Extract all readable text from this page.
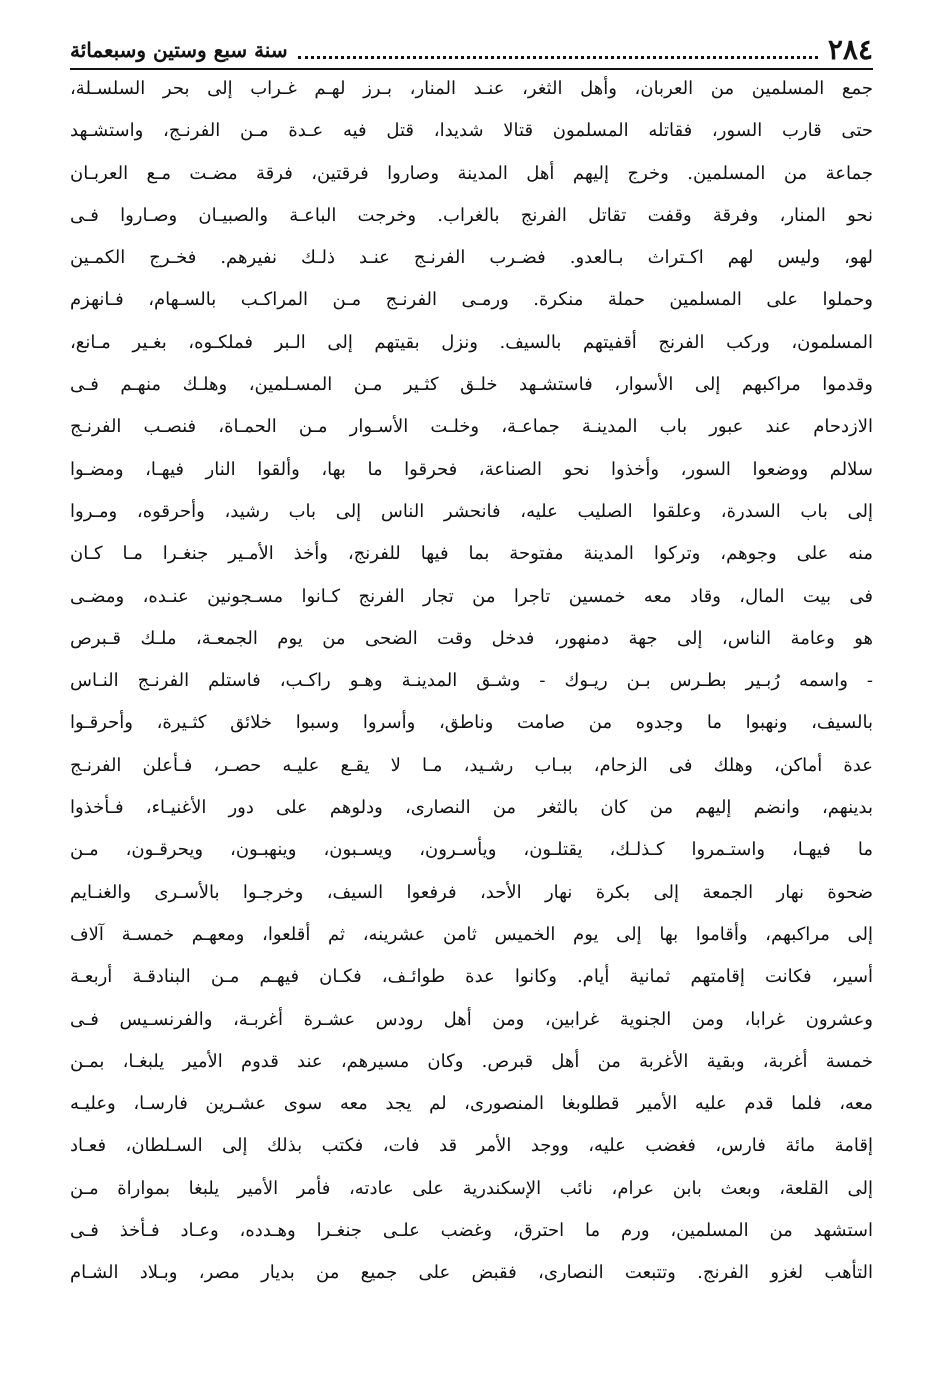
٢٨٤
سنة سبع وستين وسبعمائة
جمع المسلمين من العربان، وأهل الثغر، عنـد المنار، بـرز لهـم غـراب إلى بحر السلسـلة،
حتى قارب السور، فقاتله المسلمون قتالا شديدا، قتل فيه عـدة مـن الفرنـج، واستشـهد
جماعة من المسلمين. وخرج إليهم أهل المدينة وصاروا فرقتين، فرقة مضـت مـع العربـان
نحو المنار، وفرقة وقفت تقاتل الفرنج بالغراب. وخرجت الباعـة والصبيـان وصـاروا فـى
لهو، وليس لهم اكـتراث بـالعدو. فضـرب الفرنـج عنـد ذلـك نفيرهم. فخـرج الكمـين
وحملوا على المسلمين حملة منكرة. ورمـى الفرنـج مـن المراكـب بالسـهام، فـانهزم
المسلمون، وركب الفرنج أقفيتهم بالسيف. ونزل بقيتهم إلى الـبر فملكـوه، بغـير مـانع،
وقدموا مراكبهم إلى الأسوار، فاستشـهد خلـق كثـير مـن المسـلمين، وهلـك منهـم فـى
الازدحام عند عبور باب المدينـة جماعـة، وخلـت الأسـوار مـن الحمـاة، فنصـب الفرنـج
سلالم ووضعوا السور، وأخذوا نحو الصناعة، فحرقوا ما بها، وألقوا النار فيهـا، ومضـوا
إلى باب السدرة، وعلقوا الصليب عليه، فانحشر الناس إلى باب رشيد، وأحرقوه، ومـروا
منه على وجوهم، وتركوا المدينة مفتوحة بما فيها للفرنج، وأخذ الأمـير جنغـرا مـا كـان
فى بيت المال، وقاد معه خمسين تاجرا من تجار الفرنج كـانوا مسـجونين عنـده، ومضـى
هو وعامة الناس، إلى جهة دمنهور، فدخل وقت الضحى من يوم الجمعـة، ملـك قـبرص
- واسمه رُبـير بطـرس بـن ريـوك - وشـق المدينـة وهـو راكـب، فاستلم الفرنـج النـاس
بالسيف، ونهبوا ما وجدوه من صامت وناطق، وأسروا وسبوا خلائق كثـيرة، وأحرقـوا
عدة أماكن، وهلك فى الزحام، ببـاب رشـيد، مـا لا يقـع عليـه حصـر، فـأعلن الفرنـج
بدينهم، وانضم إليهم من كان بالثغر من النصارى، ودلوهم على دور الأغنيـاء، فـأخذوا
ما فيهـا، واستـمروا كـذلـك، يقتلـون، ويأسـرون، ويسـبون، وينهبـون، ويحرقـون، مـن
ضحوة نهار الجمعة إلى بكرة نهار الأحد، فرفعوا السيف، وخرجـوا بالأسـرى والغنـايم
إلى مراكبهم، وأقاموا بها إلى يوم الخميس ثامن عشرينه، ثم أقلعوا، ومعهـم خمسـة آلاف
أسير، فكانت إقامتهم ثمانية أيام. وكانوا عدة طوائـف، فكـان فيهـم مـن البنادقـة أربعـة
وعشرون غرابا، ومن الجنوية غرابين، ومن أهل رودس عشـرة أغربـة، والفرنسـيس فـى
خمسة أغربة، وبقية الأغربة من أهل قبرص. وكان مسيرهم، عند قدوم الأمير يلبغـا، بمـن
معه، فلما قدم عليه الأمير قطلوبغا المنصورى، لم يجد معه سوى عشـرين فارسـا، وعليـه
إقامة مائة فارس، فغضب عليه، ووجد الأمر قد فات، فكتب بذلك إلى السـلطان، فعـاد
إلى القلعة، وبعث بابن عرام، نائب الإسكندرية على عادته، فأمر الأمير يلبغا بمواراة مـن
استشهد من المسلمين، ورم ما احترق، وغضب علـى جنغـرا وهـدده، وعـاد فـأخذ فـى
التأهب لغزو الفرنج. وتتبعت النصارى، فقبض على جميع من بديار مصر، وبـلاد الشـام
